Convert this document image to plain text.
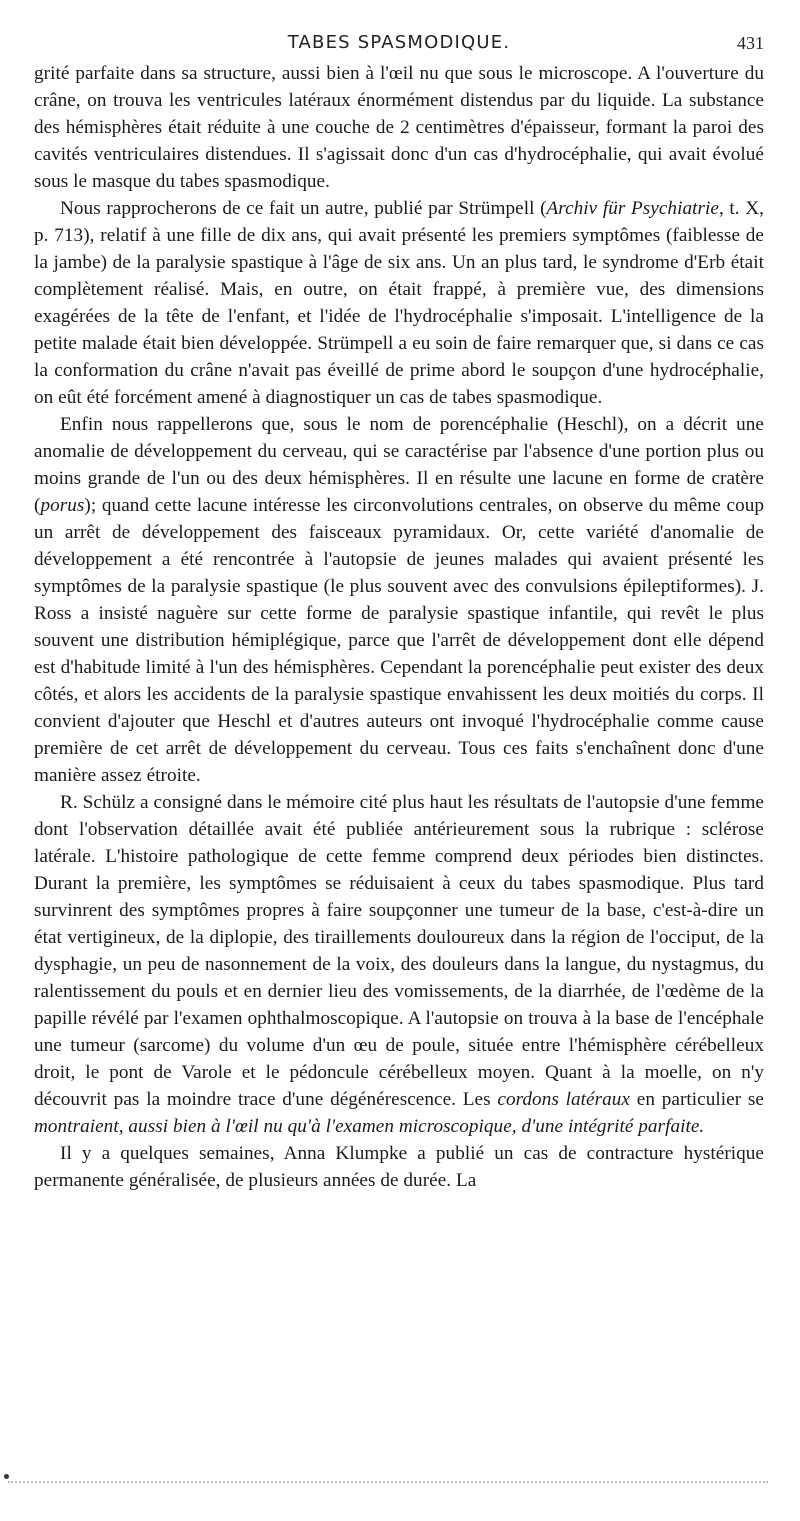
TABES SPASMODIQUE.	431

grité parfaite dans sa structure, aussi bien à l'œil nu que sous le microscope. A l'ouverture du crâne, on trouva les ventricules latéraux énormément distendus par du liquide. La substance des hémisphères était réduite à une couche de 2 centimètres d'épaisseur, formant la paroi des cavités ventriculaires distendues. Il s'agissait donc d'un cas d'hydrocéphalie, qui avait évolué sous le masque du tabes spasmodique.

Nous rapprocherons de ce fait un autre, publié par Strümpell (Archiv für Psychiatrie, t. X, p. 713), relatif à une fille de dix ans, qui avait présenté les premiers symptômes (faiblesse de la jambe) de la paralysie spastique à l'âge de six ans. Un an plus tard, le syndrome d'Erb était complètement réalisé. Mais, en outre, on était frappé, à première vue, des dimensions exagérées de la tête de l'enfant, et l'idée de l'hydrocéphalie s'imposait. L'intelligence de la petite malade était bien développée. Strümpell a eu soin de faire remarquer que, si dans ce cas la conformation du crâne n'avait pas éveillé de prime abord le soupçon d'une hydrocéphalie, on eût été forcément amené à diagnostiquer un cas de tabes spasmodique.

Enfin nous rappellerons que, sous le nom de porencéphalie (Heschl), on a décrit une anomalie de développement du cerveau, qui se caractérise par l'absence d'une portion plus ou moins grande de l'un ou des deux hémisphères. Il en résulte une lacune en forme de cratère (porus); quand cette lacune intéresse les circonvolutions centrales, on observe du même coup un arrêt de développement des faisceaux pyramidaux. Or, cette variété d'anomalie de développement a été rencontrée à l'autopsie de jeunes malades qui avaient présenté les symptômes de la paralysie spastique (le plus souvent avec des convulsions épileptiformes). J. Ross a insisté naguère sur cette forme de paralysie spastique infantile, qui revêt le plus souvent une distribution hémiplégique, parce que l'arrêt de développement dont elle dépend est d'habitude limité à l'un des hémisphères. Cependant la porencéphalie peut exister des deux côtés, et alors les accidents de la paralysie spastique envahissent les deux moitiés du corps. Il convient d'ajouter que Heschl et d'autres auteurs ont invoqué l'hydrocéphalie comme cause première de cet arrêt de développement du cerveau. Tous ces faits s'enchaînent donc d'une manière assez étroite.

R. Schülz a consigné dans le mémoire cité plus haut les résultats de l'autopsie d'une femme dont l'observation détaillée avait été publiée antérieurement sous la rubrique : sclérose latérale. L'histoire pathologique de cette femme comprend deux périodes bien distinctes. Durant la première, les symptômes se réduisaient à ceux du tabes spasmodique. Plus tard survinrent des symptômes propres à faire soupçonner une tumeur de la base, c'est-à-dire un état vertigineux, de la diplopie, des tiraillements douloureux dans la région de l'occiput, de la dysphagie, un peu de nasonnement de la voix, des douleurs dans la langue, du nystagmus, du ralentissement du pouls et en dernier lieu des vomissements, de la diarrhée, de l'œdème de la papille révélé par l'examen ophthalmoscopique. A l'autopsie on trouva à la base de l'encéphale une tumeur (sarcome) du volume d'un œu de poule, située entre l'hémisphère cérébelleux droit, le pont de Varole et le pédoncule cérébelleux moyen. Quant à la moelle, on n'y découvrit pas la moindre trace d'une dégénérescence. Les cordons latéraux en particulier se montraient, aussi bien à l'œil nu qu'à l'examen microscopique, d'une intégrité parfaite.

Il y a quelques semaines, Anna Klumpke a publié un cas de contracture hystérique permanente généralisée, de plusieurs années de durée. La
